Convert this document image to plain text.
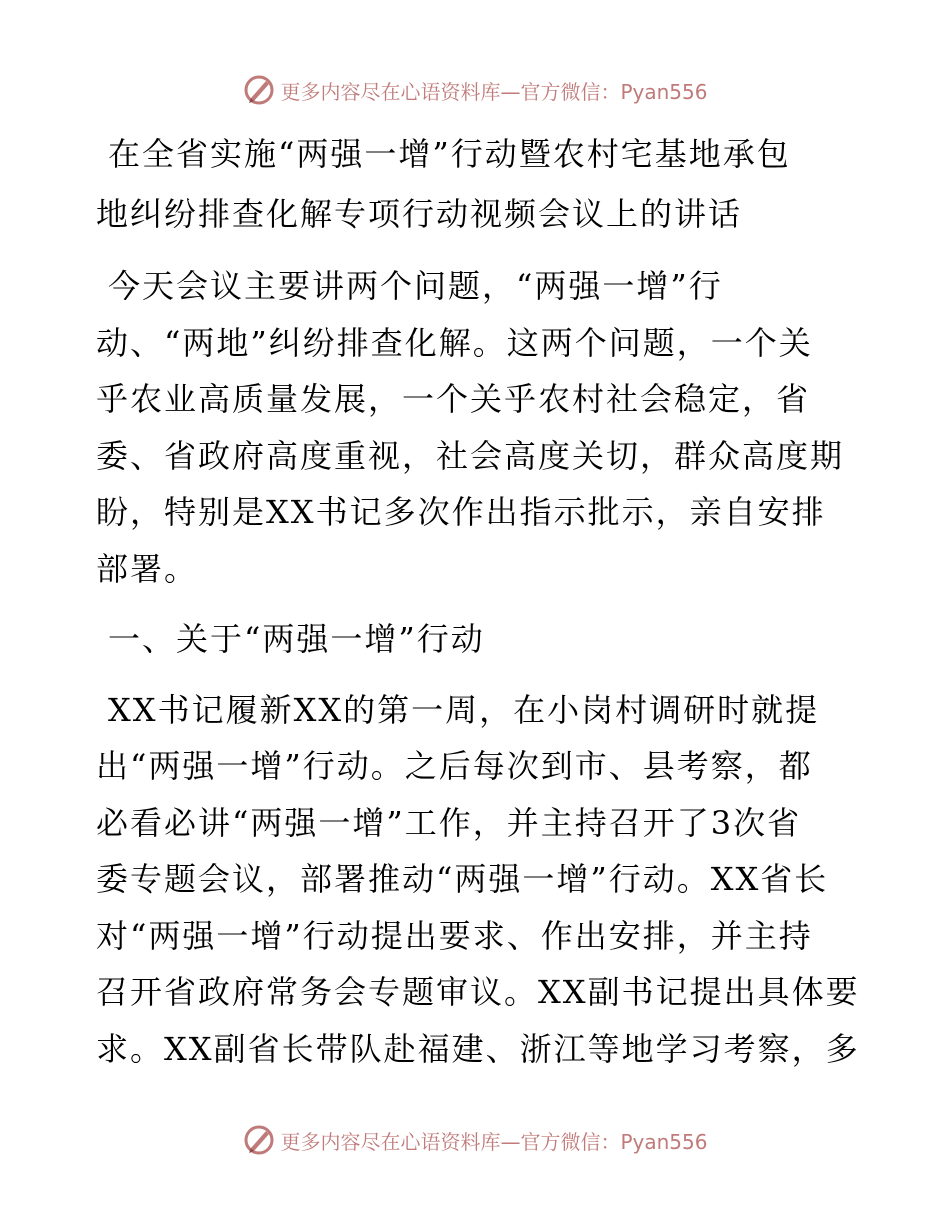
更多内容尽在心语资料库—官方微信：Pyan556

在全省实施“两强一增”行动暨农村宅基地承包

地纠纷排查化解专项行动视频会议上的讲话

今天会议主要讲两个问题，“两强一增”行

动、“两地”纠纷排查化解。这两个问题，一个关

乎农业高质量发展，一个关乎农村社会稳定，省

委、省政府高度重视，社会高度关切，群众高度期

盼，特别是XX书记多次作出指示批示，亲自安排

部署。

一、关于“两强一增”行动

XX书记履新XX的第一周，在小岗村调研时就提

出“两强一增”行动。之后每次到市、县考察，都

必看必讲“两强一增”工作，并主持召开了3次省

委专题会议，部署推动“两强一增”行动。XX省长

对“两强一增”行动提出要求、作出安排，并主持

召开省政府常务会专题审议。XX副书记提出具体要

求。XX副省长带队赴福建、浙江等地学习考察，多

更多内容尽在心语资料库—官方微信：Pyan556
